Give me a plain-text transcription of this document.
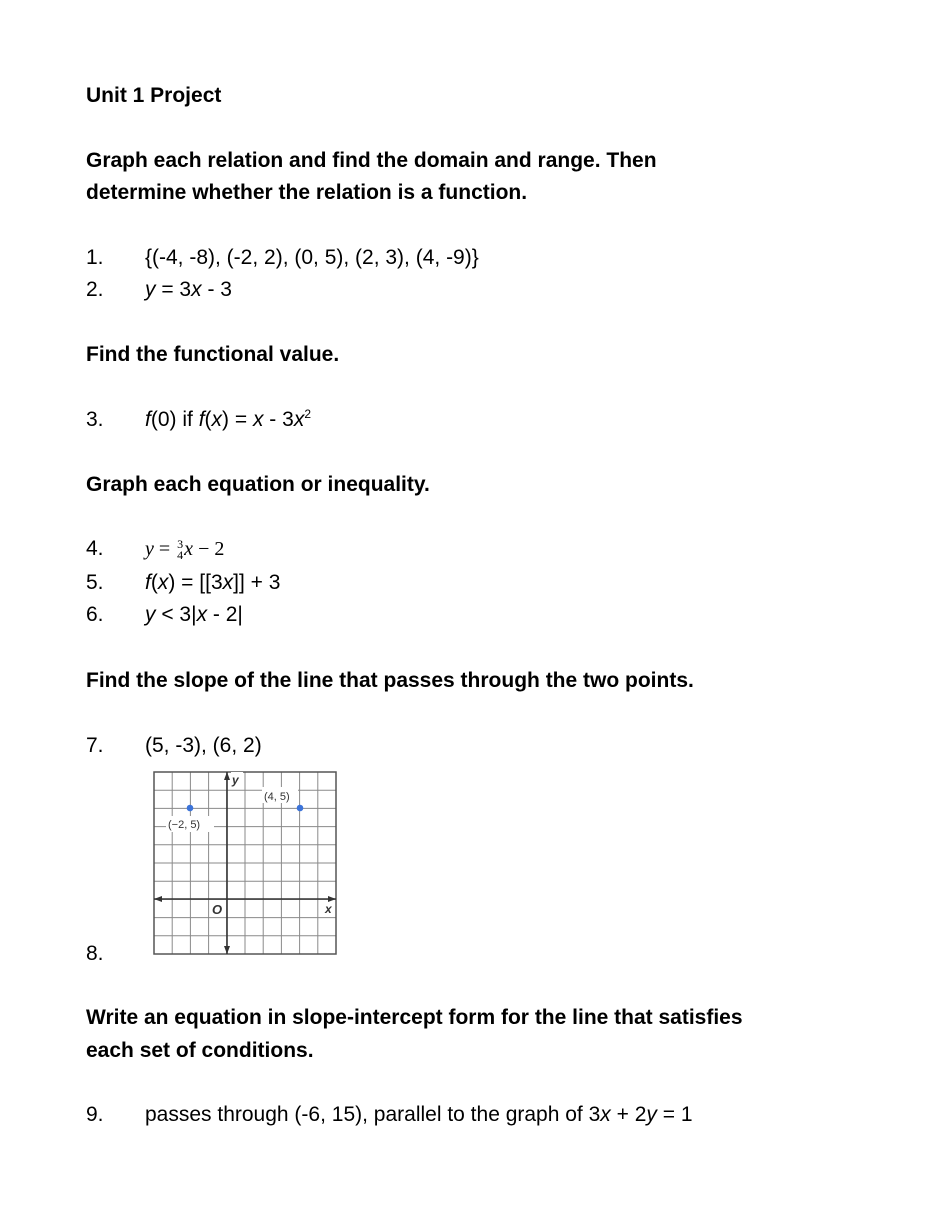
Unit 1 Project
Graph each relation and find the domain and range. Then
determine whether the relation is a function.
1. {(-4, -8), (-2, 2), (0, 5), (2, 3), (4, -9)}
2. y = 3x - 3
Find the functional value.
3. f(0) if $f(x) = x - 3x^2$
Graph each equation or inequality.
4. y = 3
4 x − 2
5. f(x) = [[3x]] + 3
6. y < 3|x - 2|
Find the slope of the line that passes through the two points.
7. (5, -3), (6, 2)
y
x
O
(4, 5)
(−2, 5)
8.
Write an equation in slope-intercept form for the line that satisfies
each set of conditions.
9. passes through (-6, 15), parallel to the graph of 3x + 2y = 1
